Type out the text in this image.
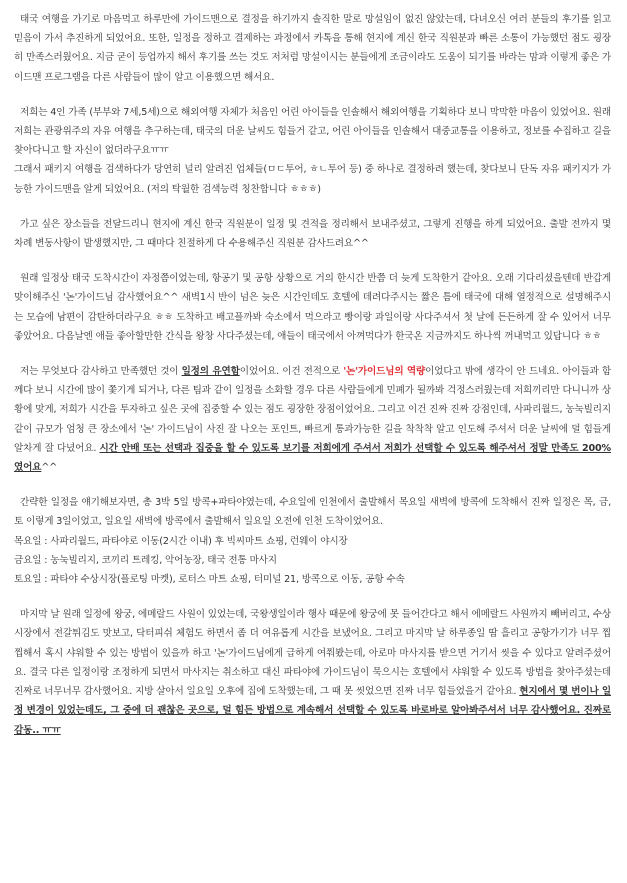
태국 여행을 가기로 마음먹고 하루만에 가이드맨으로 결정을 하기까지 솔직한 말로 망설임이 없진 않았는데, 다녀오신 여러 분들의 후기를 읽고 믿음이 가서 추진하게 되었어요. 또한, 일정을 정하고 결제하는 과정에서 카톡을 통해 현지에 계신 한국 직원분과 빠른 소통이 가능했던 점도 굉장히 만족스러웠어요. 지금 굳이 등업까지 해서 후기를 쓰는 것도 저처럼 망설이시는 분들에게 조금이라도 도움이 되기를 바라는 맘과 이렇게 좋은 가이드맨 프로그램을 다른 사람들이 많이 알고 이용했으면 해서요.

저희는 4인 가족 (부부와 7세,5세)으로 해외여행 자체가 처음인 어린 아이들을 인솔해서 해외여행을 기획하다 보니 막막한 마음이 있었어요. 원래 저희는 관광위주의 자유 여행을 추구하는데, 태국의 더운 날씨도 힘들거 같고, 어린 아이들을 인솔해서 대중교통을 이용하고, 정보를 수집하고 길을 찾아다니고 할 자신이 없더라구요ㅠㅠ
그래서 패키지 여행을 검색하다가 당연히 널리 알려진 업체들(ㅁㄷ투어, ㅎㄴ투어 등) 중 하나로 결정하려 했는데, 찾다보니 단독 자유 패키지가 가능한 가이드맨을 알게 되었어요. (저의 탁월한 검색능력 칭찬합니다 ㅎㅎㅎ)

가고 싶은 장소들을 전달드리니 현지에 계신 한국 직원분이 일정 및 견적을 정리해서 보내주셨고, 그렇게 진행을 하게 되었어요. 출발 전까지 몇 차례 변동사항이 발생했지만, 그 때마다 친절하게 다 수용해주신 직원분 감사드려요^^

원래 일정상 태국 도착시간이 자정쯤이었는데, 항공기 및 공항 상황으로 거의 한시간 반쯤 더 늦게 도착한거 같아요. 오래 기다리셨을텐데 반갑게 맞이해주신 '논'가이드님 감사했어요^^ 새벽1시 반이 넘은 늦은 시간인데도 호텔에 데려다주시는 짧은 틈에 태국에 대해 열정적으로 설명해주시는 모습에 남편이 감탄하더라구요 ㅎㅎ 도착하고 배고플까봐 숙소에서 먹으라고 빵이랑 과일이랑 사다주셔서 첫 날에 든든하게 잘 수 있어서 너무 좋았어요. 다음날엔 애들 좋아할만한 간식을 왕창 사다주셨는데, 애들이 태국에서 아껴먹다가 한국온 지금까지도 하나씩 꺼내먹고 있답니다 ㅎㅎ

저는 무엇보다 감사하고 만족했던 것이 일정의 유연함이었어요. 이건 전적으로 '논'가이드님의 역량이었다고 밖에 생각이 안 드네요. 아이들과 함께다 보니 시간에 많이 쫓기게 되거나, 다른 팀과 같이 일정을 소화할 경우 다른 사람들에게 민폐가 될까봐 걱정스러웠는데 저희끼리만 다니니까 상황에 맞게, 저희가 시간을 투자하고 싶은 곳에 집중할 수 있는 점도 굉장한 장점이었어요. 그리고 이건 진짜 진짜 강점인데, 사파리월드, 농눅빌리지 같이 규모가 엄청 큰 장소에서 '논' 가이드님이 사진 잘 나오는 포인트, 빠르게 통과가능한 길을 착착착 알고 인도해 주셔서 더운 날씨에 덜 힘들게 알차게 잘 다녔어요. 시간 안배 또는 선택과 집중을 할 수 있도록 보기를 저희에게 주셔서 저희가 선택할 수 있도록 해주셔서 정말 만족도 200%였어요^^

간략한 일정을 얘기해보자면, 총 3박 5일 방콕+파타야였는데, 수요일에 인천에서 출발해서 목요일 새벽에 방콕에 도착해서 진짜 일정은 목, 금, 토 이렇게 3일이었고, 일요일 새벽에 방콕에서 출발해서 일요일 오전에 인천 도착이었어요.
목요일 : 사파리월드, 파타야로 이동(2시간 이내) 후 빅씨마트 쇼핑, 런웨이 야시장
금요일 : 농눅빌리지, 코끼리 트레킹, 악어농장, 태국 전통 마사지
토요일 : 파타야 수상시장(플로팅 마켓), 로터스 마트 쇼핑, 터미널 21, 방콕으로 이동, 공항 수속

마지막 날 원래 일정에 왕궁, 에메랄드 사원이 있었는데, 국왕생일이라 행사 때문에 왕궁에 못 들어간다고 해서 에메랄드 사원까지 빼버리고, 수상시장에서 전갈튀김도 맛보고, 닥터피쉬 체험도 하면서 좀 더 여유롭게 시간을 보냈어요. 그리고 마지막 날 하루종일 땀 흘리고 공항가기가 너무 찝찝해서 혹시 샤워할 수 있는 방법이 있을까 하고 '논'가이드님에게 급하게 여쭤봤는데, 아로마 마사지를 받으면 거기서 씻을 수 있다고 알려주셨어요. 결국 다른 일정이랑 조정하게 되면서 마사지는 취소하고 대신 파타야에 가이드님이 묵으시는 호텔에서 샤워할 수 있도록 방법을 찾아주셨는데 진짜로 너무너무 감사했어요. 지방 살아서 일요일 오후에 집에 도착했는데, 그 때 못 씻었으면 진짜 너무 힘들었을거 같아요. 현지에서 몇 번이나 일정 변경이 있었는데도, 그 중에 더 괜찮은 곳으로, 덜 힘든 방법으로 계속해서 선택할 수 있도록 바로바로 알아봐주셔서 너무 감사했어요. 진짜로 감동.. ㅠㅠ
